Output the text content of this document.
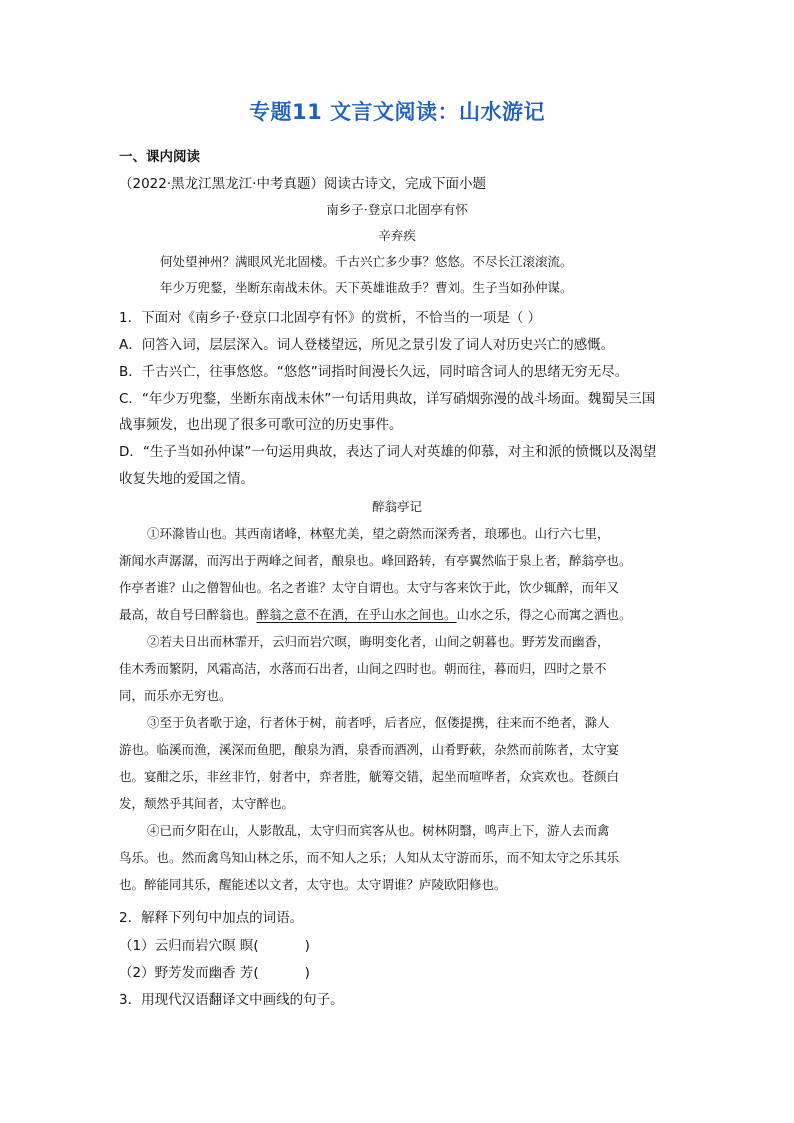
专题11 文言文阅读：山水游记
一、课内阅读
（2022·黑龙江黑龙江·中考真题）阅读古诗文，完成下面小题
南乡子·登京口北固亭有怀
辛弃疾
何处望神州？满眼风光北固楼。千古兴亡多少事？悠悠。不尽长江滚滚流。
年少万兜鍪，坐断东南战未休。天下英雄谁敌手？曹刘。生子当如孙仲谋。
1．下面对《南乡子·登京口北固亭有怀》的赏析，不恰当的一项是（ ）
A．问答入词，层层深入。词人登楼望远，所见之景引发了词人对历史兴亡的感慨。
B．千古兴亡，往事悠悠。“悠悠”词指时间漫长久远，同时暗含词人的思绪无穷无尽。
C．“年少万兜鍪，坐断东南战未休”一句话用典故，详写硝烟弥漫的战斗场面。魏蜀吴三国
战事频发，也出现了很多可歌可泣的历史事件。
D．“生子当如孙仲谋”一句运用典故，表达了词人对英雄的仰慕，对主和派的愤慨以及渴望
收复失地的爱国之情。
醉翁亭记
①环滁皆山也。其西南诸峰，林壑尤美，望之蔚然而深秀者，琅琊也。山行六七里，
渐闻水声潺潺，而泻出于两峰之间者，酿泉也。峰回路转，有亭翼然临于泉上者，醉翁亭也。
作亭者谁？山之僧智仙也。名之者谁？太守自谓也。太守与客来饮于此，饮少辄醉，而年又
最高，故自号曰醉翁也。醉翁之意不在酒，在乎山水之间也。山水之乐，得之心而寓之酒也。
②若夫日出而林霏开，云归而岩穴暝，晦明变化者，山间之朝暮也。野芳发而幽香，
佳木秀而繁阴，风霜高洁，水落而石出者，山间之四时也。朝而往，暮而归，四时之景不
同，而乐亦无穷也。
③至于负者歌于途，行者休于树，前者呼，后者应，伛偻提携，往来而不绝者，滁人
游也。临溪而渔，溪深而鱼肥，酿泉为酒，泉香而酒冽，山肴野蔌，杂然而前陈者，太守宴
也。宴酣之乐，非丝非竹，射者中，弈者胜，觥筹交错，起坐而喧哗者，众宾欢也。苍颜白
发，颓然乎其间者，太守醉也。
④已而夕阳在山，人影散乱，太守归而宾客从也。树林阴翳，鸣声上下，游人去而禽
鸟乐。也。然而禽鸟知山林之乐，而不知人之乐；人知从太守游而乐，而不知太守之乐其乐
也。醉能同其乐，醒能述以文者，太守也。太守谓谁？庐陵欧阳修也。
2．解释下列句中加点的词语。
（1）云归而岩穴暝 暝(	)
（2）野芳发而幽香 芳(	)
3．用现代汉语翻译文中画线的句子。
